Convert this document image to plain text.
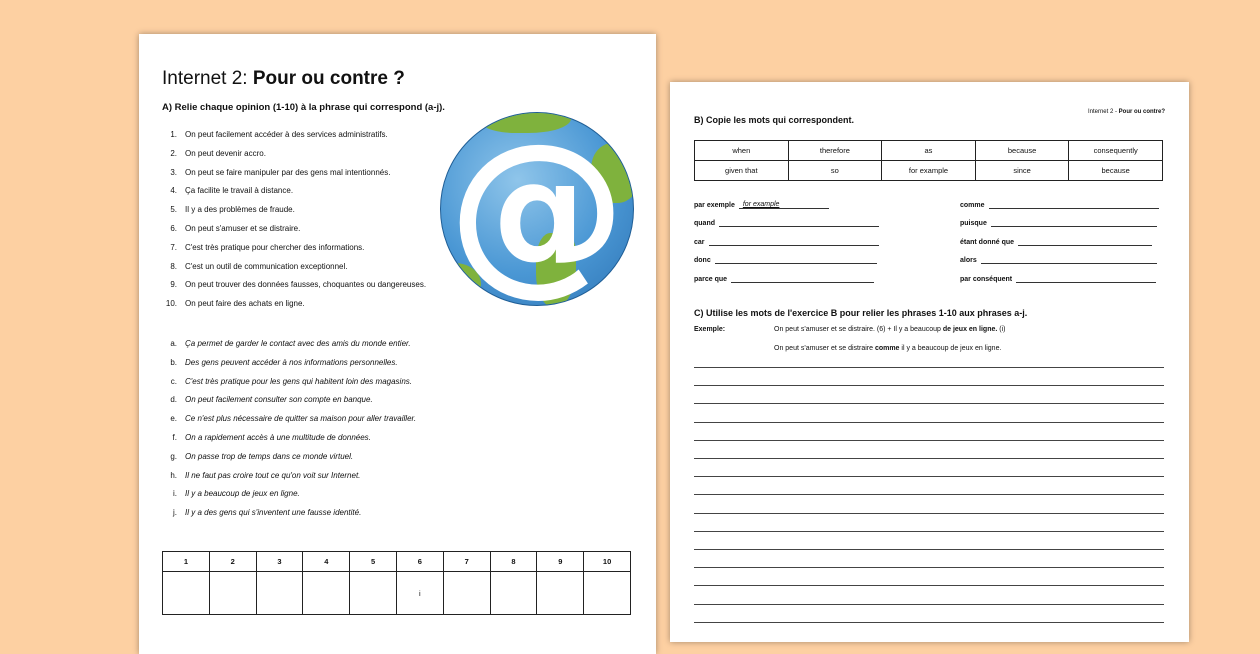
Internet 2: Pour ou contre ?
A) Relie chaque opinion (1-10) à la phrase qui correspond (a-j).
1.	On peut facilement accéder à des services administratifs.
2.	On peut devenir accro.
3.	On peut se faire manipuler par des gens mal intentionnés.
4.	Ça facilite le travail à distance.
5.	Il y a des problèmes de fraude.
6.	On peut s'amuser et se distraire.
7.	C'est très pratique pour chercher des informations.
8.	C'est un outil de communication exceptionnel.
9.	On peut trouver des données fausses, choquantes ou dangereuses.
10.	On peut faire des achats en ligne. @
a.	Ça permet de garder le contact avec des amis du monde entier.
b.	Des gens peuvent accéder à nos informations personnelles.
c.	C'est très pratique pour les gens qui habitent loin des magasins.
d.	On peut facilement consulter son compte en banque.
e.	Ce n'est plus nécessaire de quitter sa maison pour aller travailler.
f.	On a rapidement accès à une multitude de données.
g.	On passe trop de temps dans ce monde virtuel.
h.	Il ne faut pas croire tout ce qu'on voit sur Internet.
i.	Il y a beaucoup de jeux en ligne.
j.	Il y a des gens qui s'inventent une fausse identité.
1	2	3	4	5	6	7	8	9	10
					i				
Internet 2 - Pour ou contre?
B) Copie les mots qui correspondent.
when	therefore	as	because	consequently
given that	so	for example	since	because
par exemple for example
quand
car
donc
parce que
comme
puisque
étant donné que
alors
par conséquent
C) Utilise les mots de l'exercice B pour relier les phrases 1-10 aux phrases a-j.
Exemple:	On peut s'amuser et se distraire. (6) + Il y a beaucoup de jeux en ligne. (i)
On peut s'amuser et se distraire comme il y a beaucoup de jeux en ligne.
